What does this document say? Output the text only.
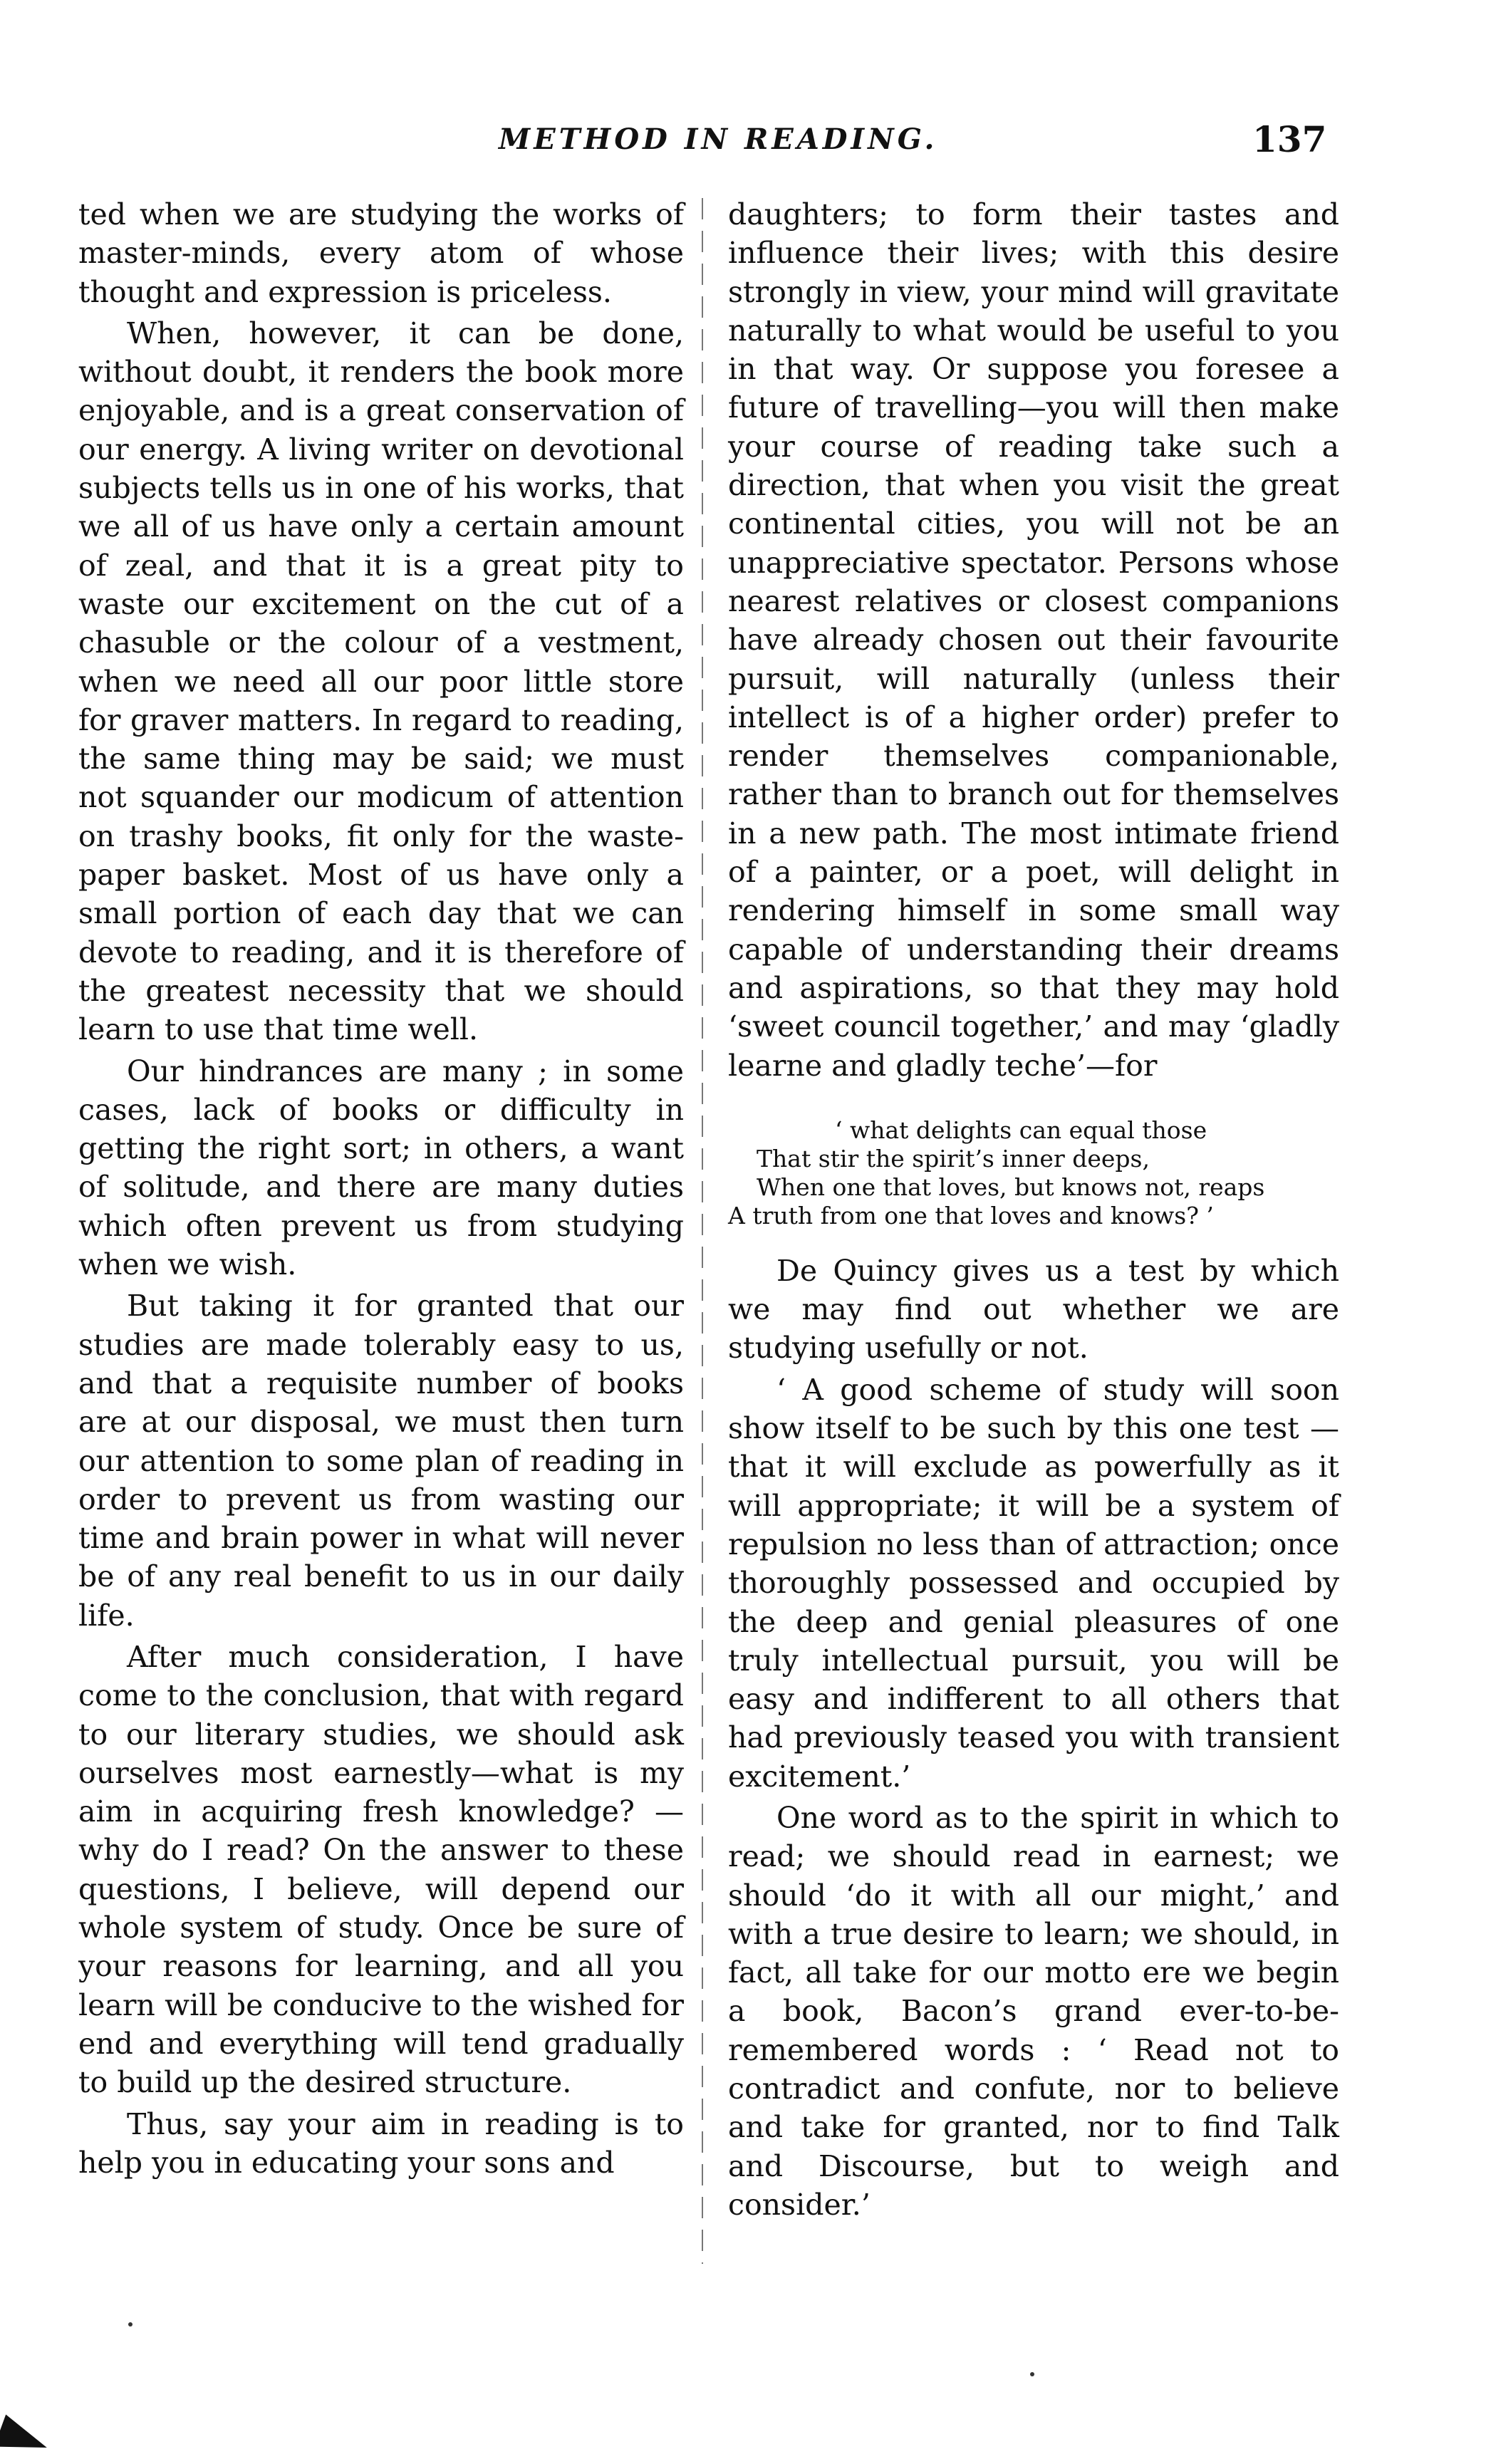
METHOD IN READING.	137

ted when we are studying the works of master-minds, every atom of whose thought and expression is priceless.

When, however, it can be done, without doubt, it renders the book more enjoyable, and is a great conservation of our energy. A living writer on devotional subjects tells us in one of his works, that we all of us have only a certain amount of zeal, and that it is a great pity to waste our excitement on the cut of a chasuble or the colour of a vestment, when we need all our poor little store for graver matters. In regard to reading, the same thing may be said; we must not squander our modicum of attention on trashy books, fit only for the waste-paper basket. Most of us have only a small portion of each day that we can devote to reading, and it is therefore of the greatest necessity that we should learn to use that time well.

Our hindrances are many ; in some cases, lack of books or difficulty in getting the right sort; in others, a want of solitude, and there are many duties which often prevent us from studying when we wish.

But taking it for granted that our studies are made tolerably easy to us, and that a requisite number of books are at our disposal, we must then turn our attention to some plan of reading in order to prevent us from wasting our time and brain power in what will never be of any real benefit to us in our daily life.

After much consideration, I have come to the conclusion, that with regard to our literary studies, we should ask ourselves most earnestly—what is my aim in acquiring fresh knowledge? —why do I read? On the answer to these questions, I believe, will depend our whole system of study. Once be sure of your reasons for learning, and all you learn will be conducive to the wished for end and everything will tend gradually to build up the desired structure.

Thus, say your aim in reading is to help you in educating your sons and

daughters; to form their tastes and influence their lives; with this desire strongly in view, your mind will gravitate naturally to what would be useful to you in that way. Or suppose you foresee a future of travelling—you will then make your course of reading take such a direction, that when you visit the great continental cities, you will not be an unappreciative spectator. Persons whose nearest relatives or closest companions have already chosen out their favourite pursuit, will naturally (unless their intellect is of a higher order) prefer to render themselves companionable, rather than to branch out for themselves in a new path. The most intimate friend of a painter, or a poet, will delight in rendering himself in some small way capable of understanding their dreams and aspirations, so that they may hold ‘sweet council together,’ and may ‘gladly learne and gladly teche’—for

‘ what delights can equal those
That stir the spirit’s inner deeps,
When one that loves, but knows not, reaps
A truth from one that loves and knows? ’

De Quincy gives us a test by which we may find out whether we are studying usefully or not.

‘ A good scheme of study will soon show itself to be such by this one test —that it will exclude as powerfully as it will appropriate; it will be a system of repulsion no less than of attraction; once thoroughly possessed and occupied by the deep and genial pleasures of one truly intellectual pursuit, you will be easy and indifferent to all others that had previously teased you with transient excitement.’

One word as to the spirit in which to read; we should read in earnest; we should ‘do it with all our might,’ and with a true desire to learn; we should, in fact, all take for our motto ere we begin a book, Bacon’s grand ever-to-be-remembered words : ‘ Read not to contradict and confute, nor to believe and take for granted, nor to find Talk and Discourse, but to weigh and consider.’
